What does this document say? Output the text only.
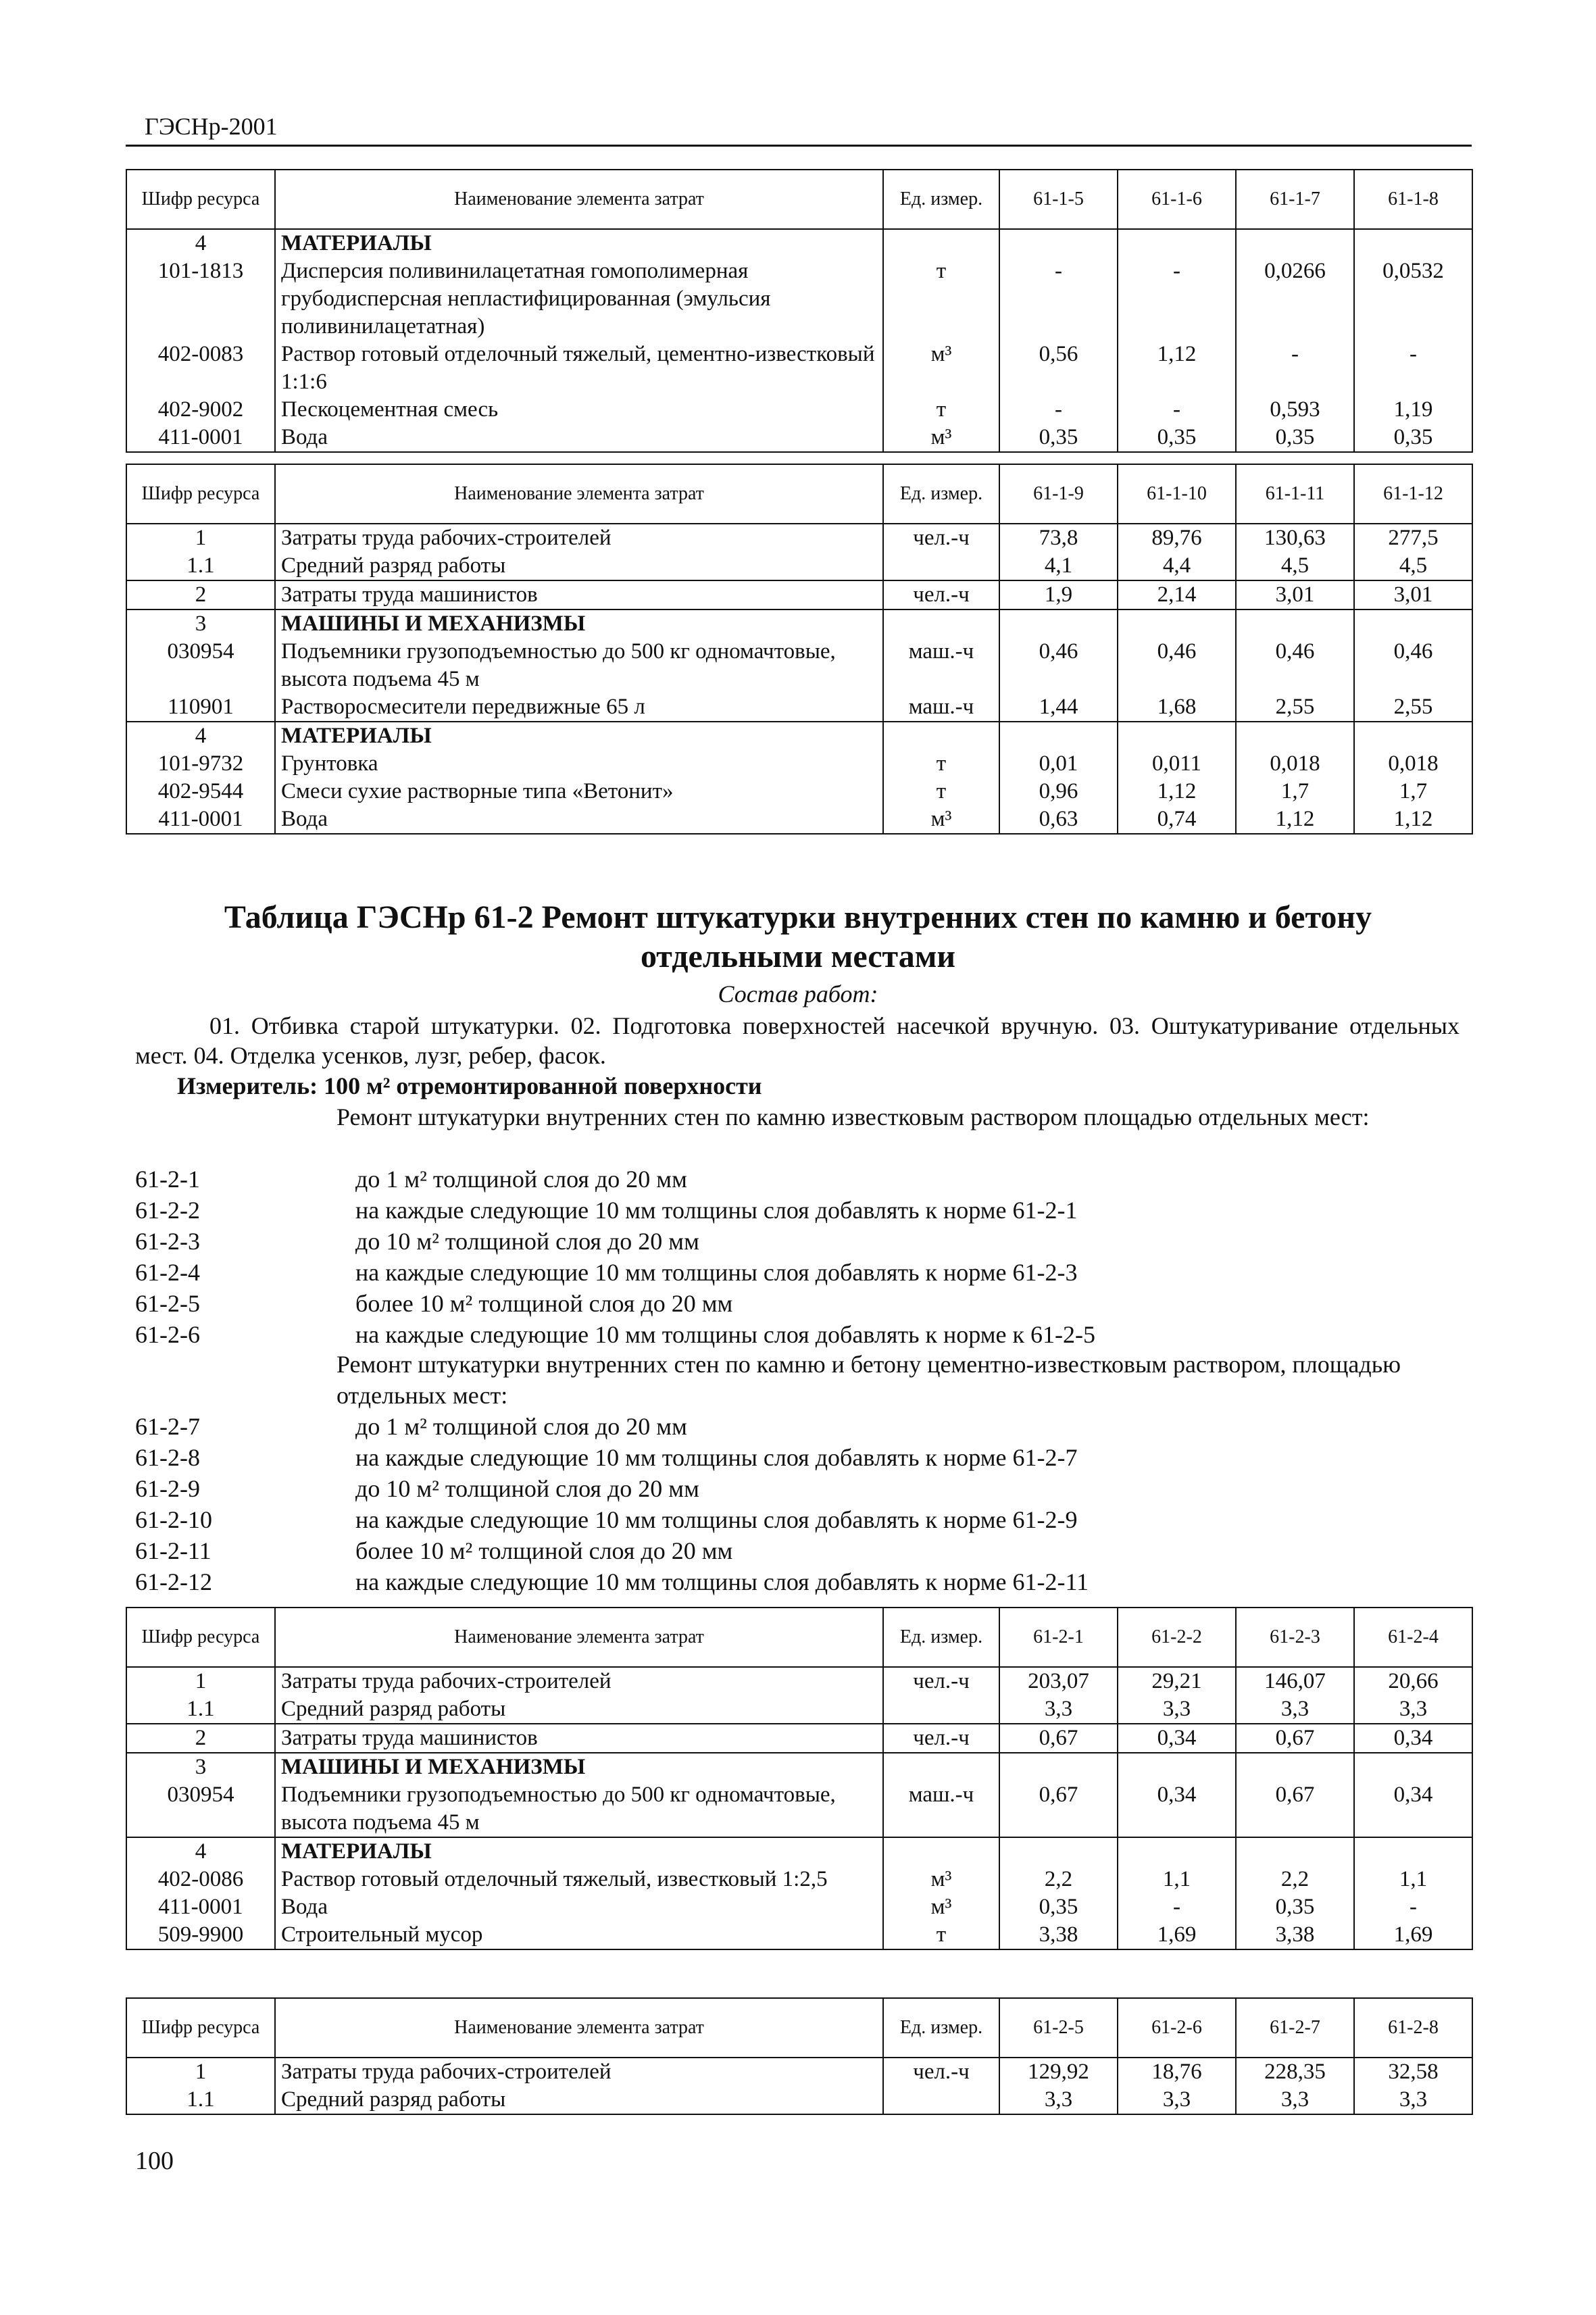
ГЭСНр-2001
Шифр ресурса	Наименование элемента затрат	Ед. измер.	61-1-5	61-1-6	61-1-7	61-1-8
4	МАТЕРИАЛЫ					
101-1813	Дисперсия поливинилацетатная гомополимерная грубодисперсная непластифицированная (эмульсия поливинилацетатная)	т	-	-	0,0266	0,0532
402-0083	Раствор готовый отделочный тяжелый, цементно-известковый 1:1:6	м³	0,56	1,12	-	-
402-9002	Пескоцементная смесь	т	-	-	0,593	1,19
411-0001	Вода	м³	0,35	0,35	0,35	0,35
Шифр ресурса	Наименование элемента затрат	Ед. измер.	61-1-9	61-1-10	61-1-11	61-1-12
1	Затраты труда рабочих-строителей	чел.-ч	73,8	89,76	130,63	277,5
1.1	Средний разряд работы		4,1	4,4	4,5	4,5
2	Затраты труда машинистов	чел.-ч	1,9	2,14	3,01	3,01
3	МАШИНЫ И МЕХАНИЗМЫ					
030954	Подъемники грузоподъемностью до 500 кг одномачтовые, высота подъема 45 м	маш.-ч	0,46	0,46	0,46	0,46
110901	Растворосмесители передвижные 65 л	маш.-ч	1,44	1,68	2,55	2,55
4	МАТЕРИАЛЫ					
101-9732	Грунтовка	т	0,01	0,011	0,018	0,018
402-9544	Смеси сухие растворные типа «Ветонит»	т	0,96	1,12	1,7	1,7
411-0001	Вода	м³	0,63	0,74	1,12	1,12
Таблица ГЭСНр 61-2 Ремонт штукатурки внутренних стен по камню и бетону
отдельными местами
Состав работ:
01. Отбивка старой штукатурки. 02. Подготовка поверхностей насечкой вручную. 03. Оштукатуривание отдельных мест. 04. Отделка усенков, лузг, ребер, фасок.
Измеритель: 100 м² отремонтированной поверхности
Ремонт штукатурки внутренних стен по камню известковым раствором площадью отдельных мест:
61-2-1	до 1 м² толщиной слоя до 20 мм
61-2-2	на каждые следующие 10 мм толщины слоя добавлять к норме 61-2-1
61-2-3	до 10 м² толщиной слоя до 20 мм
61-2-4	на каждые следующие 10 мм толщины слоя добавлять к норме 61-2-3
61-2-5	более 10 м² толщиной слоя до 20 мм
61-2-6	на каждые следующие 10 мм толщины слоя добавлять к норме к 61-2-5
Ремонт штукатурки внутренних стен по камню и бетону цементно-известковым раствором, площадью отдельных мест:
61-2-7	до 1 м² толщиной слоя до 20 мм
61-2-8	на каждые следующие 10 мм толщины слоя добавлять к норме 61-2-7
61-2-9	до 10 м² толщиной слоя до 20 мм
61-2-10	на каждые следующие 10 мм толщины слоя добавлять к норме 61-2-9
61-2-11	более 10 м² толщиной слоя до 20 мм
61-2-12	на каждые следующие 10 мм толщины слоя добавлять к норме 61-2-11
Шифр ресурса	Наименование элемента затрат	Ед. измер.	61-2-1	61-2-2	61-2-3	61-2-4
1	Затраты труда рабочих-строителей	чел.-ч	203,07	29,21	146,07	20,66
1.1	Средний разряд работы		3,3	3,3	3,3	3,3
2	Затраты труда машинистов	чел.-ч	0,67	0,34	0,67	0,34
3	МАШИНЫ И МЕХАНИЗМЫ					
030954	Подъемники грузоподъемностью до 500 кг одномачтовые, высота подъема 45 м	маш.-ч	0,67	0,34	0,67	0,34
4	МАТЕРИАЛЫ					
402-0086	Раствор готовый отделочный тяжелый, известковый 1:2,5	м³	2,2	1,1	2,2	1,1
411-0001	Вода	м³	0,35	-	0,35	-
509-9900	Строительный мусор	т	3,38	1,69	3,38	1,69
Шифр ресурса	Наименование элемента затрат	Ед. измер.	61-2-5	61-2-6	61-2-7	61-2-8
1	Затраты труда рабочих-строителей	чел.-ч	129,92	18,76	228,35	32,58
1.1	Средний разряд работы		3,3	3,3	3,3	3,3
100
